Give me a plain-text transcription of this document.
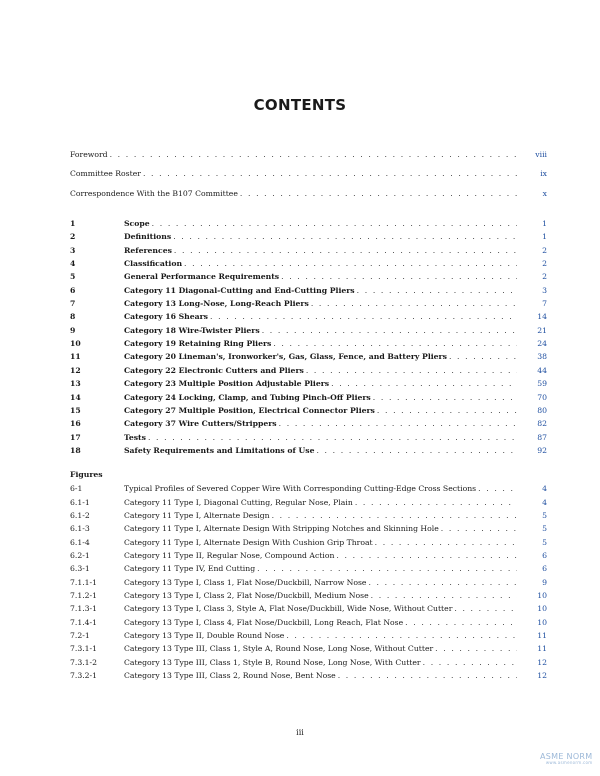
CONTENTS
Foreword . . .	viii
Committee Roster . . .	ix
Correspondence With the B107 Committee . . .	x
1	Scope . . .	1
2	Definitions . . .	1
3	References . . .	2
4	Classification . . .	2
5	General Performance Requirements . . .	2
6	Category 11 Diagonal-Cutting and End-Cutting Pliers . . .	3
7	Category 13 Long-Nose, Long-Reach Pliers . . .	7
8	Category 16 Shears . . .	14
9	Category 18 Wire-Twister Pliers . . .	21
10	Category 19 Retaining Ring Pliers . . .	24
11	Category 20 Lineman's, Ironworker's, Gas, Glass, Fence, and Battery Pliers . . .	38
12	Category 22 Electronic Cutters and Pliers . . .	44
13	Category 23 Multiple Position Adjustable Pliers . . .	59
14	Category 24 Locking, Clamp, and Tubing Pinch-Off Pliers . . .	70
15	Category 27 Multiple Position, Electrical Connector Pliers . . .	80
16	Category 37 Wire Cutters/Strippers . . .	82
17	Tests . . .	87
18	Safety Requirements and Limitations of Use . . .	92
Figures
6-1	Typical Profiles of Severed Copper Wire With Corresponding Cutting-Edge Cross Sections . . .	4
6.1-1	Category 11 Type I, Diagonal Cutting, Regular Nose, Plain . . .	4
6.1-2	Category 11 Type I, Alternate Design . . .	5
6.1-3	Category 11 Type I, Alternate Design With Stripping Notches and Skinning Hole . . .	5
6.1-4	Category 11 Type I, Alternate Design With Cushion Grip Throat . . .	5
6.2-1	Category 11 Type II, Regular Nose, Compound Action . . .	6
6.3-1	Category 11 Type IV, End Cutting . . .	6
7.1.1-1	Category 13 Type I, Class 1, Flat Nose/Duckbill, Narrow Nose . . .	9
7.1.2-1	Category 13 Type I, Class 2, Flat Nose/Duckbill, Medium Nose . . .	10
7.1.3-1	Category 13 Type I, Class 3, Style A, Flat Nose/Duckbill, Wide Nose, Without Cutter . . .	10
7.1.4-1	Category 13 Type I, Class 4, Flat Nose/Duckbill, Long Reach, Flat Nose . . .	10
7.2-1	Category 13 Type II, Double Round Nose . . .	11
7.3.1-1	Category 13 Type III, Class 1, Style A, Round Nose, Long Nose, Without Cutter . . .	11
7.3.1-2	Category 13 Type III, Class 1, Style B, Round Nose, Long Nose, With Cutter . . .	12
7.3.2-1	Category 13 Type III, Class 2, Round Nose, Bent Nose . . .	12
iii
ASME NORM
www.asmenorm.com
